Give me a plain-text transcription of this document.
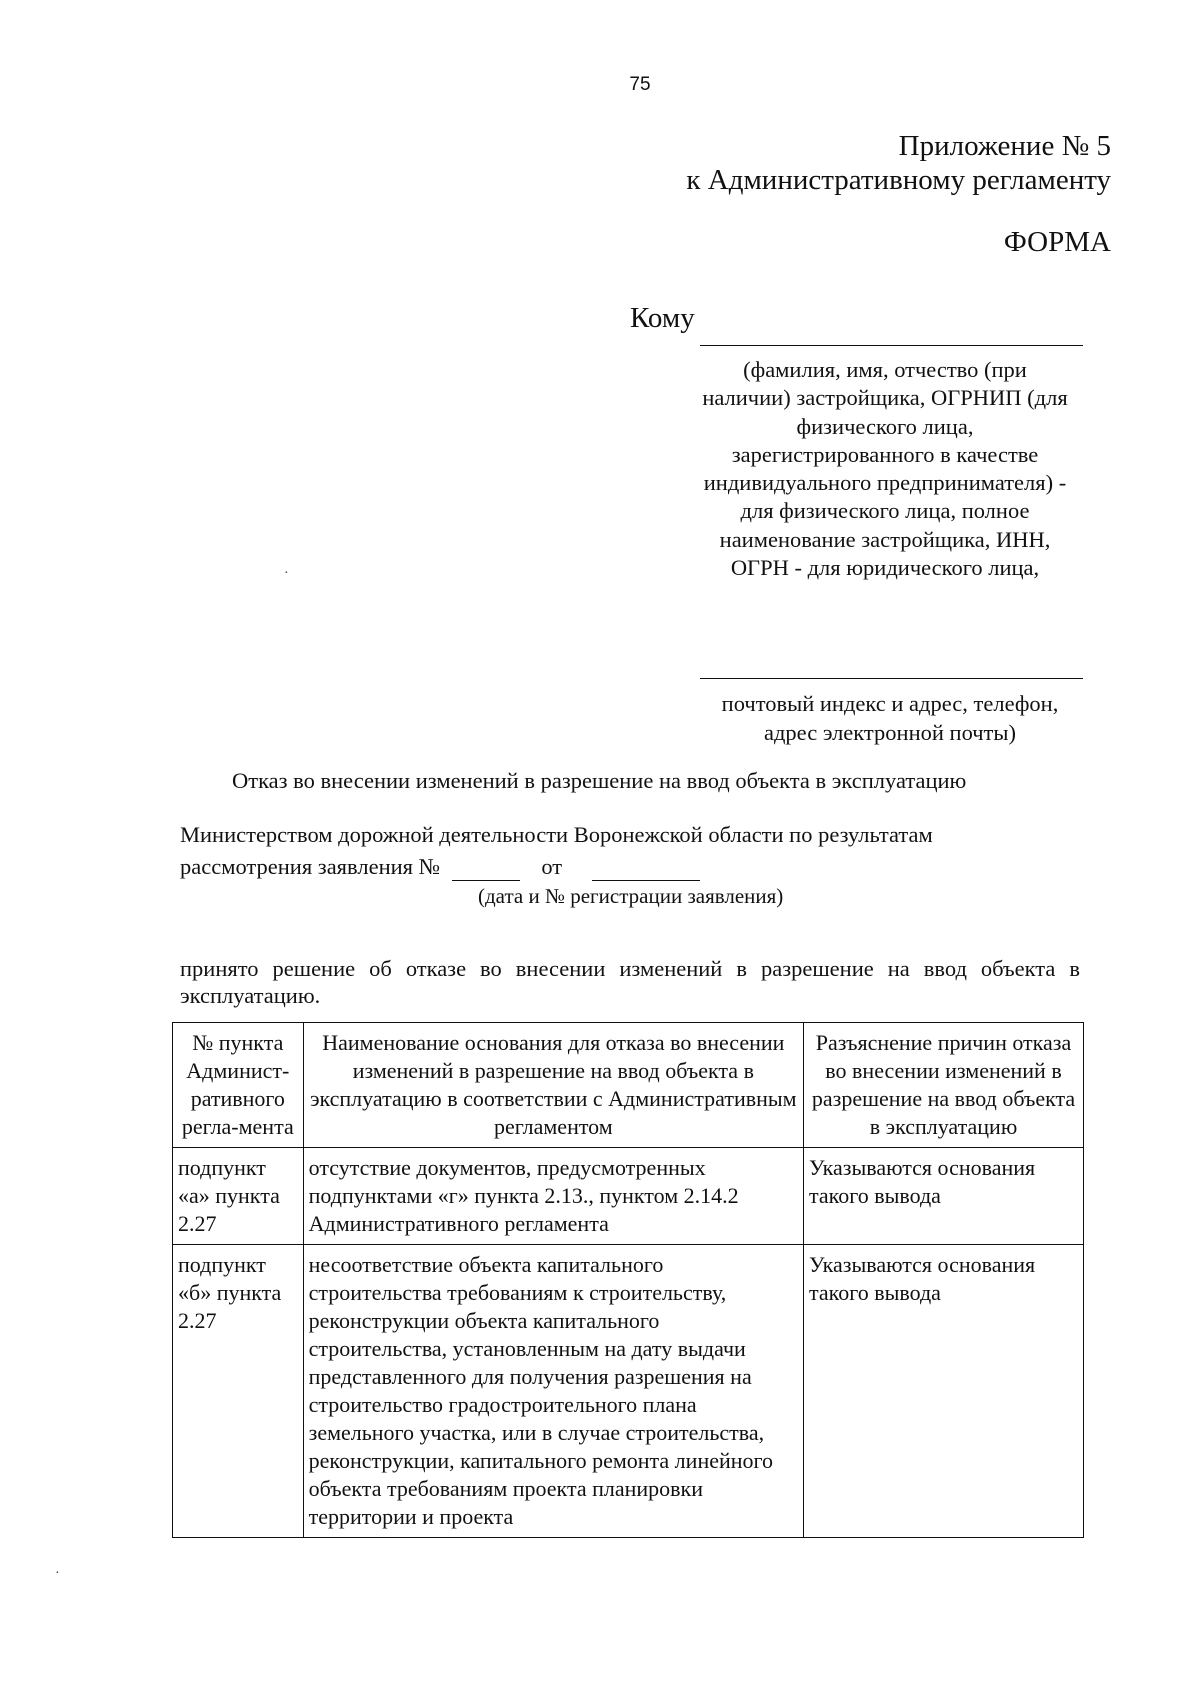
75
Приложение № 5
к Административному регламенту
ФОРМА
Кому
(фамилия, имя, отчество (при наличии) застройщика, ОГРНИП (для физического лица, зарегистрированного в качестве индивидуального предпринимателя) - для физического лица, полное наименование застройщика, ИНН, ОГРН - для юридического лица,
почтовый индекс и адрес, телефон, адрес электронной почты)
Отказ во внесении изменений в разрешение на ввод объекта в эксплуатацию
Министерством дорожной деятельности Воронежской области по результатам
рассмотрения заявления №	от
(дата и № регистрации заявления)
принято решение об отказе во внесении изменений в разрешение на ввод объекта в эксплуатацию.
№ пункта Админист-ративного регла-мента	Наименование основания для отказа во внесении изменений в разрешение на ввод объекта в эксплуатацию в соответствии с Административным регламентом	Разъяснение причин отказа во внесении изменений в разрешение на ввод объекта в эксплуатацию
подпункт «а» пункта 2.27	отсутствие документов, предусмотренных подпунктами «г» пункта 2.13., пунктом 2.14.2 Административного регламента	Указываются основания такого вывода
подпункт «б» пункта 2.27	несоответствие объекта капитального строительства требованиям к строительству, реконструкции объекта капитального строительства, установленным на дату выдачи представленного для получения разрешения на строительство градостроительного плана земельного участка, или в случае строительства, реконструкции, капитального ремонта линейного объекта требованиям проекта планировки территории и проекта	Указываются основания такого вывода
·
·
